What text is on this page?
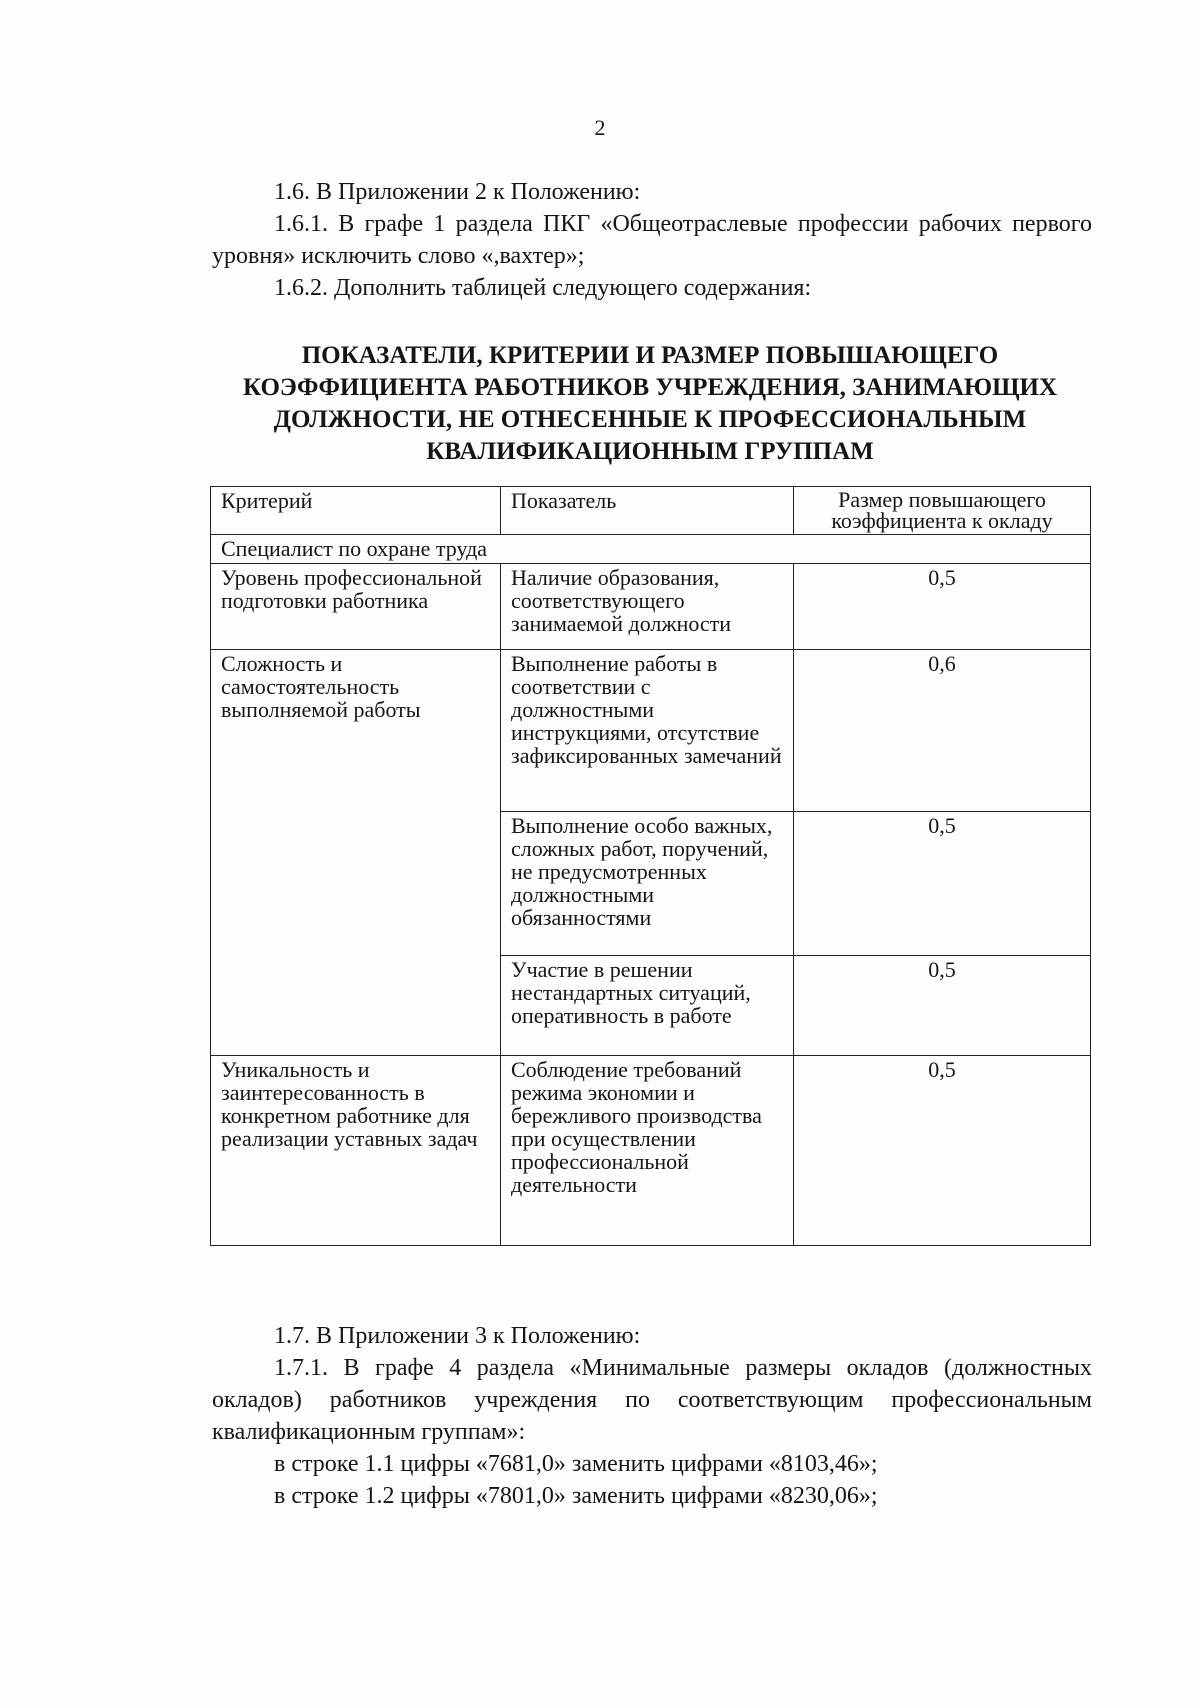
2

1.6. В Приложении 2 к Положению:

1.6.1. В графе 1 раздела ПКГ «Общеотраслевые профессии рабочих первого уровня» исключить слово «,вахтер»;

1.6.2. Дополнить таблицей следующего содержания:

ПОКАЗАТЕЛИ, КРИТЕРИИ И РАЗМЕР ПОВЫШАЮЩЕГО КОЭФФИЦИЕНТА РАБОТНИКОВ УЧРЕЖДЕНИЯ, ЗАНИМАЮЩИХ ДОЛЖНОСТИ, НЕ ОТНЕСЕННЫЕ К ПРОФЕССИОНАЛЬНЫМ КВАЛИФИКАЦИОННЫМ ГРУППАМ
Критерий	Показатель	Размер повышающего коэффициента к окладу
Специалист по охране труда		
Уровень профессиональной подготовки работника	Наличие образования, соответствующего занимаемой должности	0,5
Сложность и самостоятельность выполняемой работы	Выполнение работы в соответствии с должностными инструкциями, отсутствие зафиксированных замечаний	0,6
	Выполнение особо важных, сложных работ, поручений, не предусмотренных должностными обязанностями	0,5
	Участие в решении нестандартных ситуаций, оперативность в работе	0,5
Уникальность и заинтересованность в конкретном работнике для реализации уставных задач	Соблюдение требований режима экономии и бережливого производства при осуществлении профессиональной деятельности	0,5

1.7. В Приложении 3 к Положению:

1.7.1. В графе 4 раздела «Минимальные размеры окладов (должностных окладов) работников учреждения по соответствующим профессиональным квалификационным группам»:

в строке 1.1 цифры «7681,0» заменить цифрами «8103,46»;

в строке 1.2 цифры «7801,0» заменить цифрами «8230,06»;
